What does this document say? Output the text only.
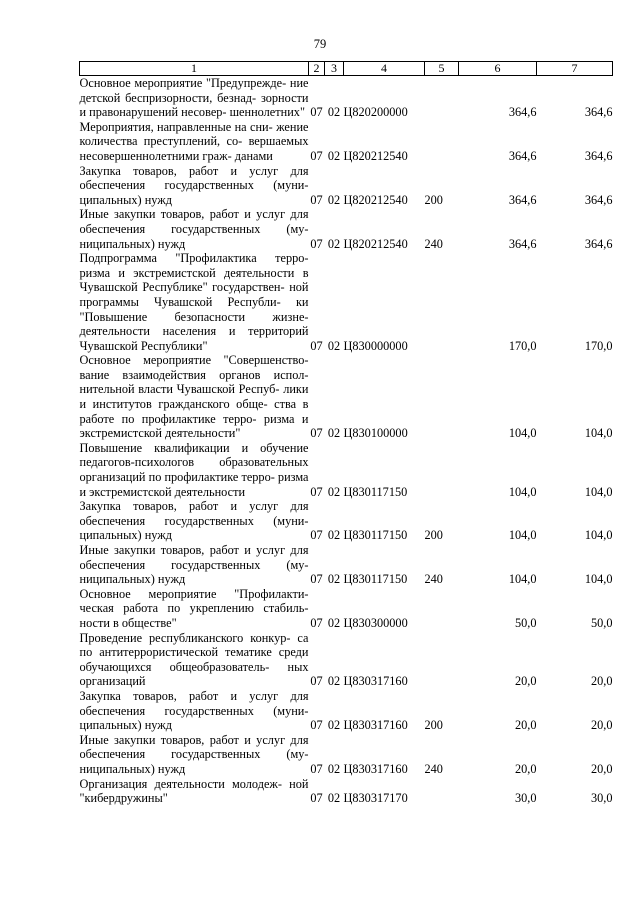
79
1	2	3	4	5	6	7
Основное мероприятие "Предупрежде- ние детской беспризорности, безнад- зорности и правонарушений несовер- шеннолетних"	07	02	Ц820200000		364,6	364,6
Мероприятия, направленные на сни- жение количества преступлений, со- вершаемых несовершеннолетними граж- данами	07	02	Ц820212540		364,6	364,6
Закупка товаров, работ и услуг для обеспечения государственных (муни- ципальных) нужд	07	02	Ц820212540	200	364,6	364,6
Иные закупки товаров, работ и услуг для обеспечения государственных (му- ниципальных) нужд	07	02	Ц820212540	240	364,6	364,6
Подпрограмма "Профилактика терро- ризма и экстремистской деятельности в Чувашской Республике" государствен- ной программы Чувашской Республи- ки "Повышение безопасности жизне- деятельности населения и территорий Чувашской Республики"	07	02	Ц830000000		170,0	170,0
Основное мероприятие "Совершенство- вание взаимодействия органов испол- нительной власти Чувашской Респуб- лики и институтов гражданского обще- ства в работе по профилактике терро- ризма и экстремистской деятельности"	07	02	Ц830100000		104,0	104,0
Повышение квалификации и обучение педагогов-психологов образовательных организаций по профилактике терро- ризма и экстремистской деятельности	07	02	Ц830117150		104,0	104,0
Закупка товаров, работ и услуг для обеспечения государственных (муни- ципальных) нужд	07	02	Ц830117150	200	104,0	104,0
Иные закупки товаров, работ и услуг для обеспечения государственных (му- ниципальных) нужд	07	02	Ц830117150	240	104,0	104,0
Основное мероприятие "Профилакти- ческая работа по укреплению стабиль- ности в обществе"	07	02	Ц830300000		50,0	50,0
Проведение республиканского конкур- са по антитеррористической тематике среди обучающихся общеобразователь- ных организаций	07	02	Ц830317160		20,0	20,0
Закупка товаров, работ и услуг для обеспечения государственных (муни- ципальных) нужд	07	02	Ц830317160	200	20,0	20,0
Иные закупки товаров, работ и услуг для обеспечения государственных (му- ниципальных) нужд	07	02	Ц830317160	240	20,0	20,0
Организация деятельности молодеж- ной "кибердружины"	07	02	Ц830317170		30,0	30,0
